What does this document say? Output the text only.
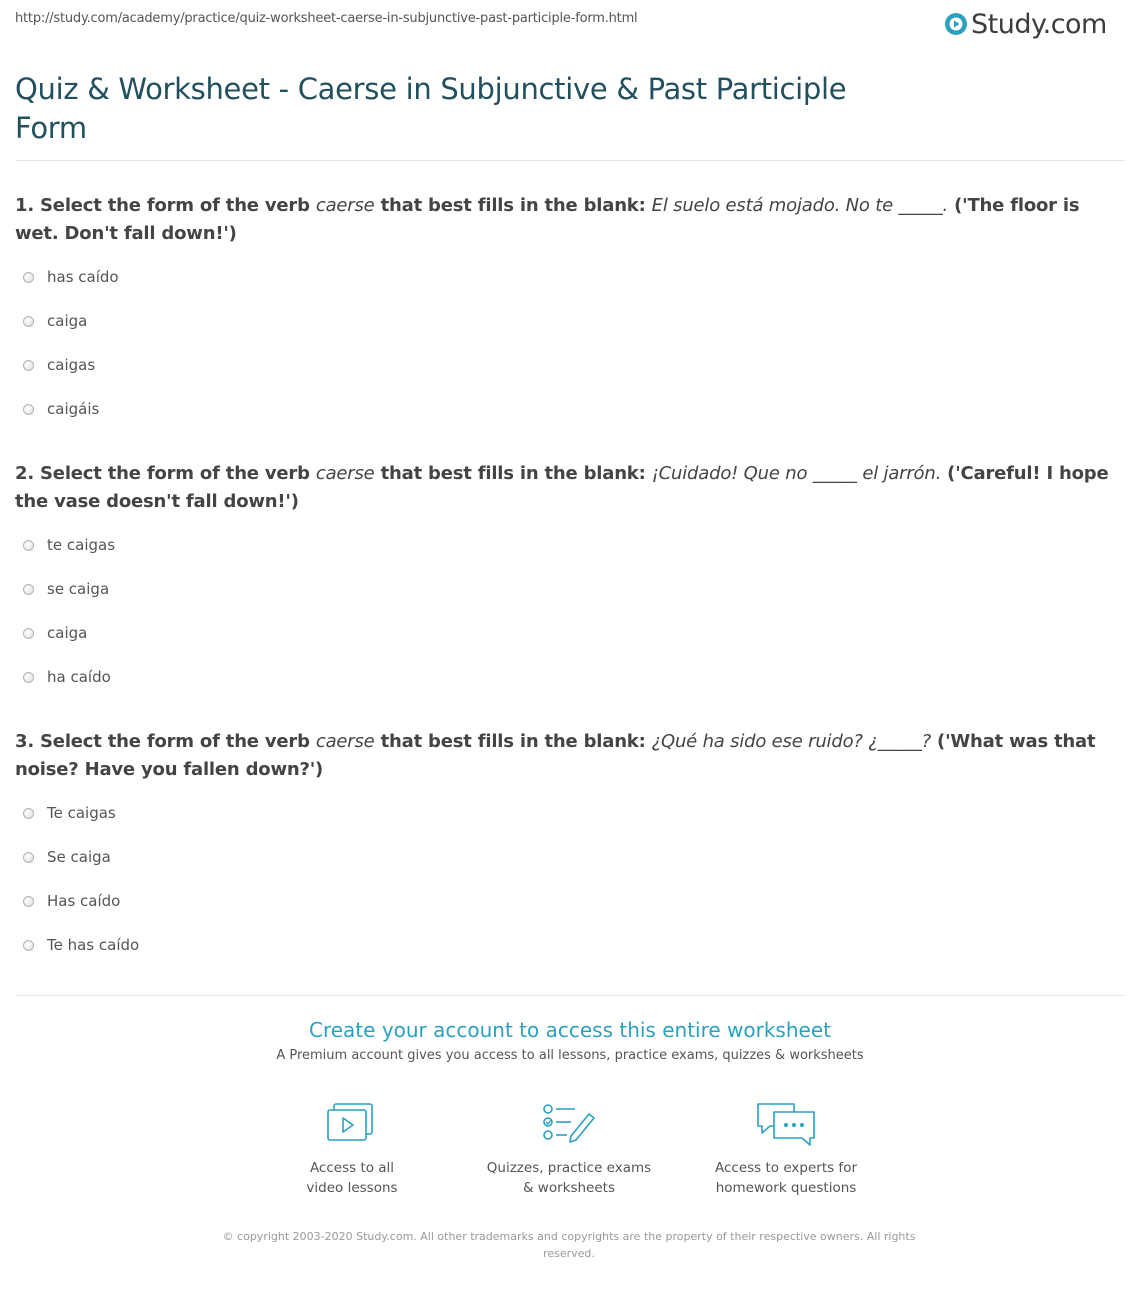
http://study.com/academy/practice/quiz-worksheet-caerse-in-subjunctive-past-participle-form.html	Study.com
Quiz & Worksheet - Caerse in Subjunctive & Past Participle Form
1. Select the form of the verb caerse that best fills in the blank: El suelo está mojado. No te _____. ('The floor is wet. Don't fall down!')
has caído
caiga
caigas
caigáis
2. Select the form of the verb caerse that best fills in the blank: ¡Cuidado! Que no _____ el jarrón. ('Careful! I hope the vase doesn't fall down!')
te caigas
se caiga
caiga
ha caído
3. Select the form of the verb caerse that best fills in the blank: ¿Qué ha sido ese ruido? ¿_____? ('What was that noise? Have you fallen down?')
Te caigas
Se caiga
Has caído
Te has caído
Create your account to access this entire worksheet
A Premium account gives you access to all lessons, practice exams, quizzes & worksheets
Access to all
video lessons
Quizzes, practice exams
& worksheets
Access to experts for
homework questions
© copyright 2003-2020 Study.com. All other trademarks and copyrights are the property of their respective owners. All rights reserved.
